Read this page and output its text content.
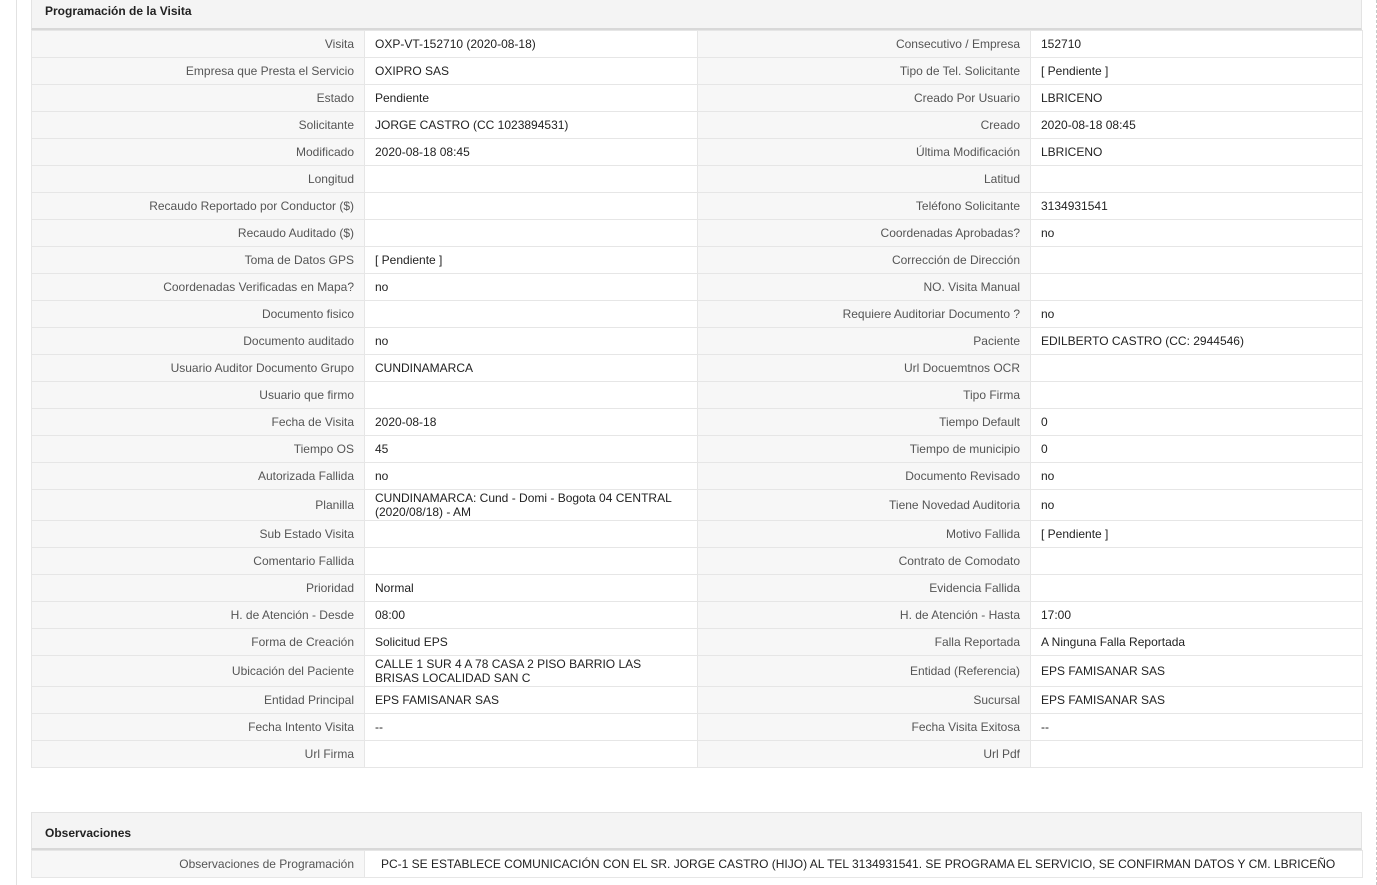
Programación de la Visita
Visita	OXP-VT-152710 (2020-08-18)	Consecutivo / Empresa	152710
Empresa que Presta el Servicio	OXIPRO SAS	Tipo de Tel. Solicitante	[ Pendiente ]
Estado	Pendiente	Creado Por Usuario	LBRICENO
Solicitante	JORGE CASTRO (CC 1023894531)	Creado	2020-08-18 08:45
Modificado	2020-08-18 08:45	Última Modificación	LBRICENO
Longitud		Latitud	
Recaudo Reportado por Conductor ($)		Teléfono Solicitante	3134931541
Recaudo Auditado ($)		Coordenadas Aprobadas?	no
Toma de Datos GPS	[ Pendiente ]	Corrección de Dirección	
Coordenadas Verificadas en Mapa?	no	NO. Visita Manual	
Documento fisico		Requiere Auditoriar Documento ?	no
Documento auditado	no	Paciente	EDILBERTO CASTRO (CC: 2944546)
Usuario Auditor Documento Grupo	CUNDINAMARCA	Url Docuemtnos OCR	
Usuario que firmo		Tipo Firma	
Fecha de Visita	2020-08-18	Tiempo Default	0
Tiempo OS	45	Tiempo de municipio	0
Autorizada Fallida	no	Documento Revisado	no
Planilla	CUNDINAMARCA: Cund - Domi - Bogota 04 CENTRAL (2020/08/18) - AM	Tiene Novedad Auditoria	no
Sub Estado Visita		Motivo Fallida	[ Pendiente ]
Comentario Fallida		Contrato de Comodato	
Prioridad	Normal	Evidencia Fallida	
H. de Atención - Desde	08:00	H. de Atención - Hasta	17:00
Forma de Creación	Solicitud EPS	Falla Reportada	A Ninguna Falla Reportada
Ubicación del Paciente	CALLE 1 SUR 4 A 78 CASA 2 PISO BARRIO LAS BRISAS LOCALIDAD SAN C	Entidad (Referencia)	EPS FAMISANAR SAS
Entidad Principal	EPS FAMISANAR SAS	Sucursal	EPS FAMISANAR SAS
Fecha Intento Visita	--	Fecha Visita Exitosa	--
Url Firma		Url Pdf	
Observaciones
Observaciones de Programación	PC-1 SE ESTABLECE COMUNICACIÓN CON EL SR. JORGE CASTRO (HIJO) AL TEL 3134931541. SE PROGRAMA EL SERVICIO, SE CONFIRMAN DATOS Y CM. LBRICEÑO
